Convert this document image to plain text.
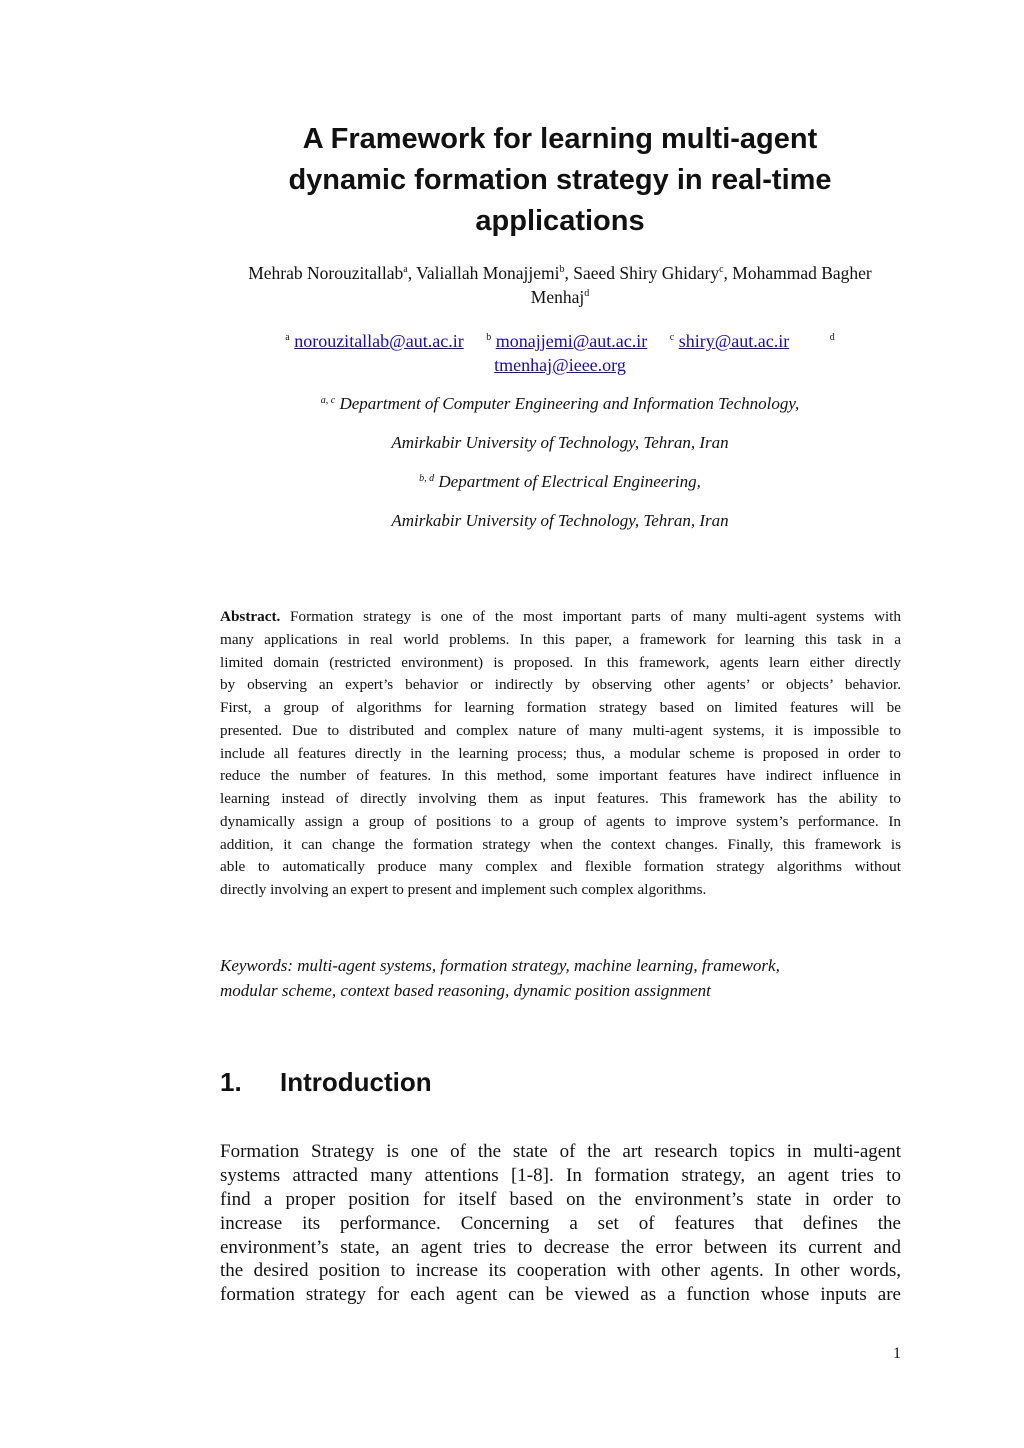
A Framework for learning multi-agent
dynamic formation strategy in real-time
applications
Mehrab Norouzitallab$^a$, Valiallah Monajjemi$^b$, Saeed Shiry Ghidary$^c$, Mohammad Bagher
Menhaj$^d$
$^a$ norouzitallab@aut.ac.ir $^b$ monajjemi@aut.ac.ir $^c$ shiry@aut.ac.ir	$^d$
tmenhaj@ieee.org
$^{a, c}$ Department of Computer Engineering and Information Technology,
Amirkabir University of Technology, Tehran, Iran
$^{b, d}$ Department of Electrical Engineering,
Amirkabir University of Technology, Tehran, Iran
Abstract. Formation strategy is one of the most important parts of many multi-agent systems with
many applications in real world problems. In this paper, a framework for learning this task in a
limited domain (restricted environment) is proposed. In this framework, agents learn either directly
by observing an expert’s behavior or indirectly by observing other agents’ or objects’ behavior.
First, a group of algorithms for learning formation strategy based on limited features will be
presented. Due to distributed and complex nature of many multi-agent systems, it is impossible to
include all features directly in the learning process; thus, a modular scheme is proposed in order to
reduce the number of features. In this method, some important features have indirect influence in
learning instead of directly involving them as input features. This framework has the ability to
dynamically assign a group of positions to a group of agents to improve system’s performance. In
addition, it can change the formation strategy when the context changes. Finally, this framework is
able to automatically produce many complex and flexible formation strategy algorithms without
directly involving an expert to present and implement such complex algorithms.
Keywords: multi-agent systems, formation strategy, machine learning, framework,
modular scheme, context based reasoning, dynamic position assignment
1. Introduction
Formation Strategy is one of the state of the art research topics in multi-agent
systems attracted many attentions [1-8]. In formation strategy, an agent tries to
find a proper position for itself based on the environment’s state in order to
increase its performance. Concerning a set of features that defines the
environment’s state, an agent tries to decrease the error between its current and
the desired position to increase its cooperation with other agents. In other words,
formation strategy for each agent can be viewed as a function whose inputs are
1
